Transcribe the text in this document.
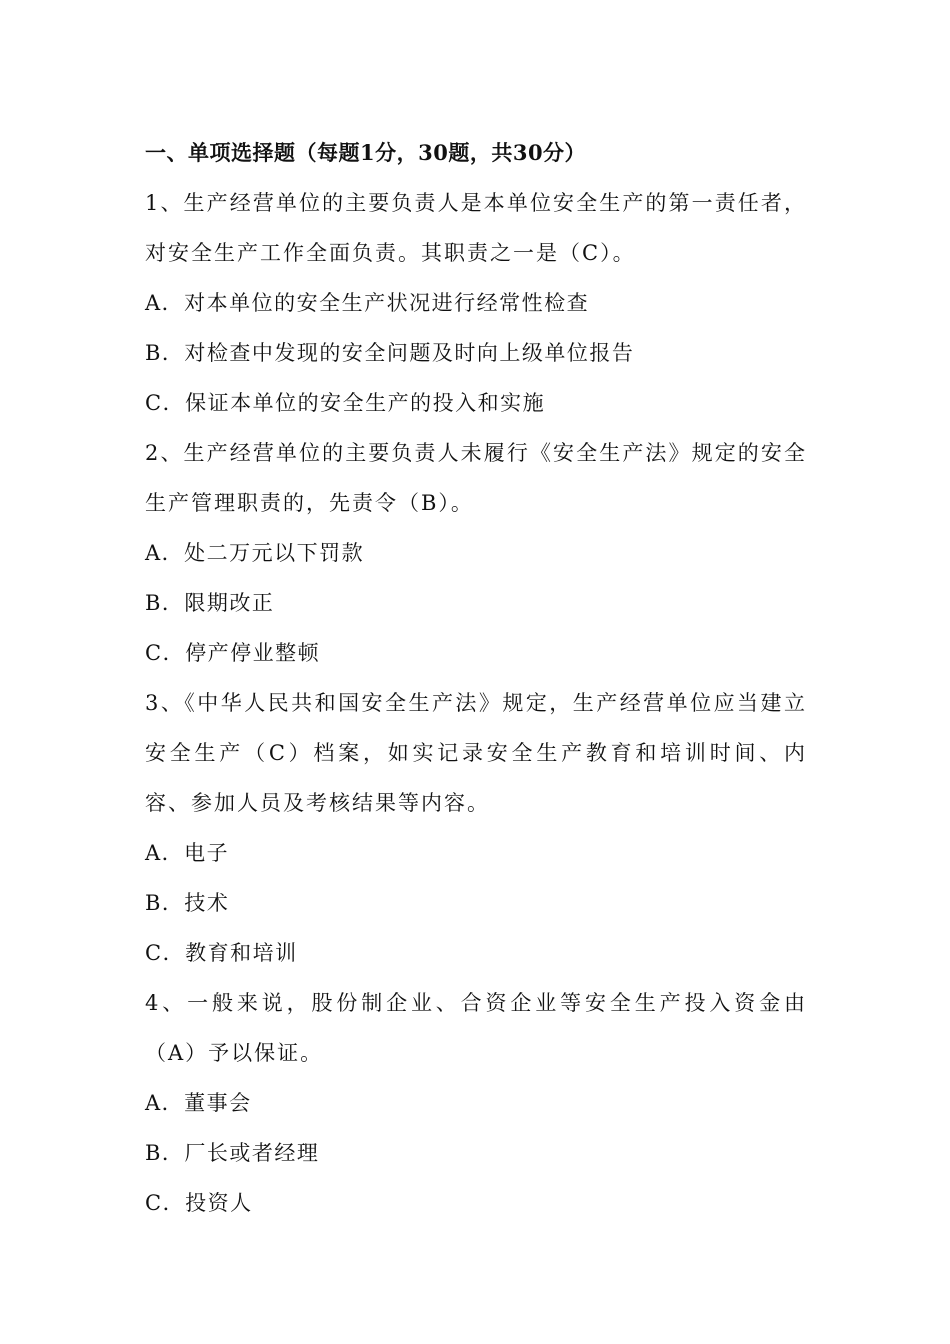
一、单项选择题（每题1分，30题，共30分）

1、生产经营单位的主要负责人是本单位安全生产的第一责任者，对安全生产工作全面负责。其职责之一是（C）。

A．对本单位的安全生产状况进行经常性检查

B．对检查中发现的安全问题及时向上级单位报告

C．保证本单位的安全生产的投入和实施

2、生产经营单位的主要负责人未履行《安全生产法》规定的安全生产管理职责的，先责令（B）。

A．处二万元以下罚款

B．限期改正

C．停产停业整顿

3、《中华人民共和国安全生产法》规定，生产经营单位应当建立安全生产（C）档案，如实记录安全生产教育和培训时间、内容、参加人员及考核结果等内容。

A．电子

B．技术

C．教育和培训

4、一般来说，股份制企业、合资企业等安全生产投入资金由（A）予以保证。

A．董事会

B．厂长或者经理

C．投资人
